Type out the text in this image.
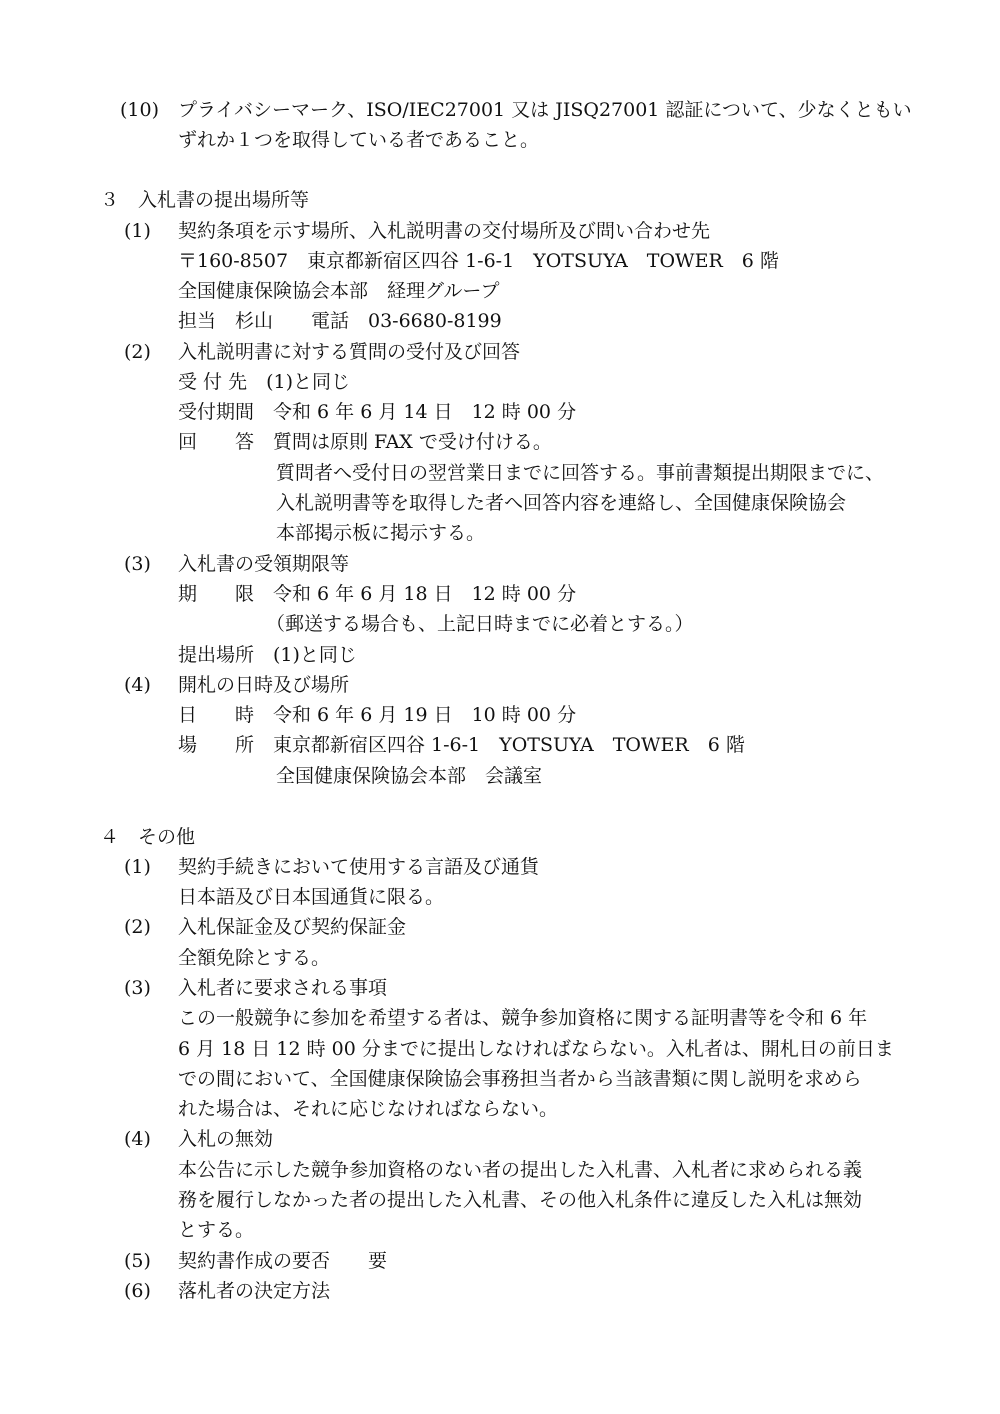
(10) プライバシーマーク、ISO/IEC27001 又は JISQ27001 認証について、少なくともい
ずれか１つを取得している者であること。
３ 入札書の提出場所等
(1) 契約条項を示す場所、入札説明書の交付場所及び問い合わせ先
〒160-8507　東京都新宿区四谷 1-6-1　YOTSUYA　TOWER　6 階
全国健康保険協会本部　経理グループ
担当　杉山　　電話　03-6680-8199
(2) 入札説明書に対する質問の受付及び回答
受 付 先　(1)と同じ
受付期間　令和 6 年 6 月 14 日　12 時 00 分
回　　答　質問は原則 FAX で受け付ける。
質問者へ受付日の翌営業日までに回答する。事前書類提出期限までに、
入札説明書等を取得した者へ回答内容を連絡し、全国健康保険協会
本部掲示板に掲示する。
(3) 入札書の受領期限等
期　　限　令和 6 年 6 月 18 日　12 時 00 分
（郵送する場合も、上記日時までに必着とする。）
提出場所　(1)と同じ
(4) 開札の日時及び場所
日　　時　令和 6 年 6 月 19 日　10 時 00 分
場　　所　東京都新宿区四谷 1-6-1　YOTSUYA　TOWER　6 階
全国健康保険協会本部　会議室
４ その他
(1) 契約手続きにおいて使用する言語及び通貨
日本語及び日本国通貨に限る。
(2) 入札保証金及び契約保証金
全額免除とする。
(3) 入札者に要求される事項
この一般競争に参加を希望する者は、競争参加資格に関する証明書等を令和 6 年
6 月 18 日 12 時 00 分までに提出しなければならない。入札者は、開札日の前日ま
での間において、全国健康保険協会事務担当者から当該書類に関し説明を求めら
れた場合は、それに応じなければならない。
(4) 入札の無効
本公告に示した競争参加資格のない者の提出した入札書、入札者に求められる義
務を履行しなかった者の提出した入札書、その他入札条件に違反した入札は無効
とする。
(5) 契約書作成の要否　　要
(6) 落札者の決定方法
